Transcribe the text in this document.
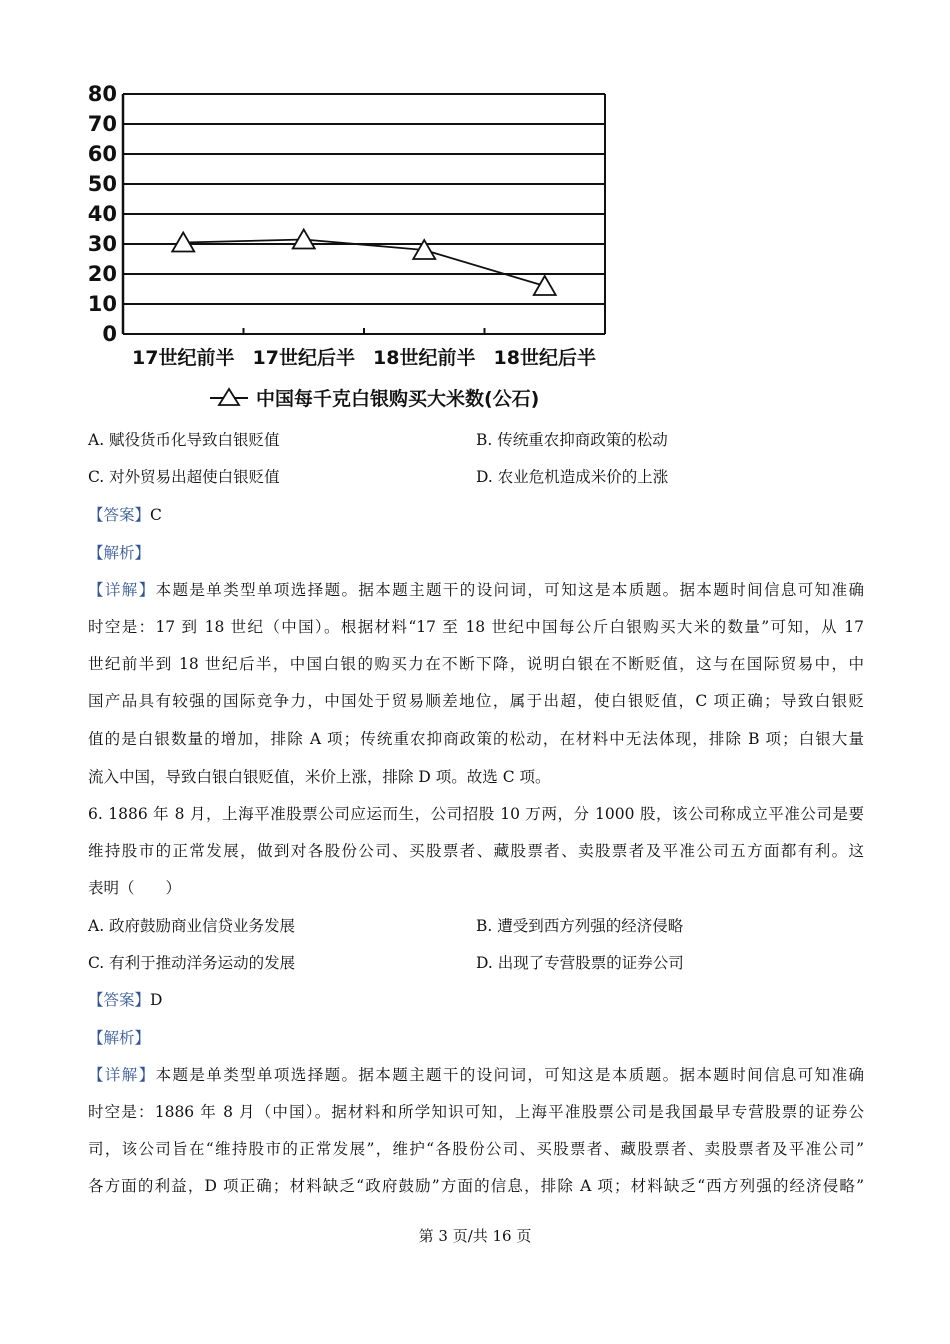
0
10
20
30
40
50
60
70
80
17世纪前半 17世纪后半 18世纪前半 18世纪后半
中国每千克白银购买大米数(公石)
A. 赋役货币化导致白银贬值	B. 传统重农抑商政策的松动
C. 对外贸易出超使白银贬值	D. 农业危机造成米价的上涨
【答案】C
【解析】
【详解】本题是单类型单项选择题。据本题主题干的设问词，可知这是本质题。据本题时间信息可知准确
时空是：17 到 18 世纪（中国）。根据材料“17 至 18 世纪中国每公斤白银购买大米的数量”可知，从 17
世纪前半到 18 世纪后半，中国白银的购买力在不断下降，说明白银在不断贬值，这与在国际贸易中，中
国产品具有较强的国际竞争力，中国处于贸易顺差地位，属于出超，使白银贬值，C 项正确；导致白银贬
值的是白银数量的增加，排除 A 项；传统重农抑商政策的松动，在材料中无法体现，排除 B 项；白银大量
流入中国，导致白银白银贬值，米价上涨，排除 D 项。故选 C 项。
6. 1886 年 8 月，上海平准股票公司应运而生，公司招股 10 万两，分 1000 股，该公司称成立平准公司是要
维持股市的正常发展，做到对各股份公司、买股票者、藏股票者、卖股票者及平准公司五方面都有利。这
表明（　　）
A. 政府鼓励商业信贷业务发展	B. 遭受到西方列强的经济侵略
C. 有利于推动洋务运动的发展	D. 出现了专营股票的证券公司
【答案】D
【解析】
【详解】本题是单类型单项选择题。据本题主题干的设问词，可知这是本质题。据本题时间信息可知准确
时空是：1886 年 8 月（中国）。据材料和所学知识可知，上海平准股票公司是我国最早专营股票的证券公
司，该公司旨在“维持股市的正常发展”，维护“各股份公司、买股票者、藏股票者、卖股票者及平准公司”
各方面的利益，D 项正确；材料缺乏“政府鼓励”方面的信息，排除 A 项；材料缺乏“西方列强的经济侵略”
第 3 页/共 16 页
